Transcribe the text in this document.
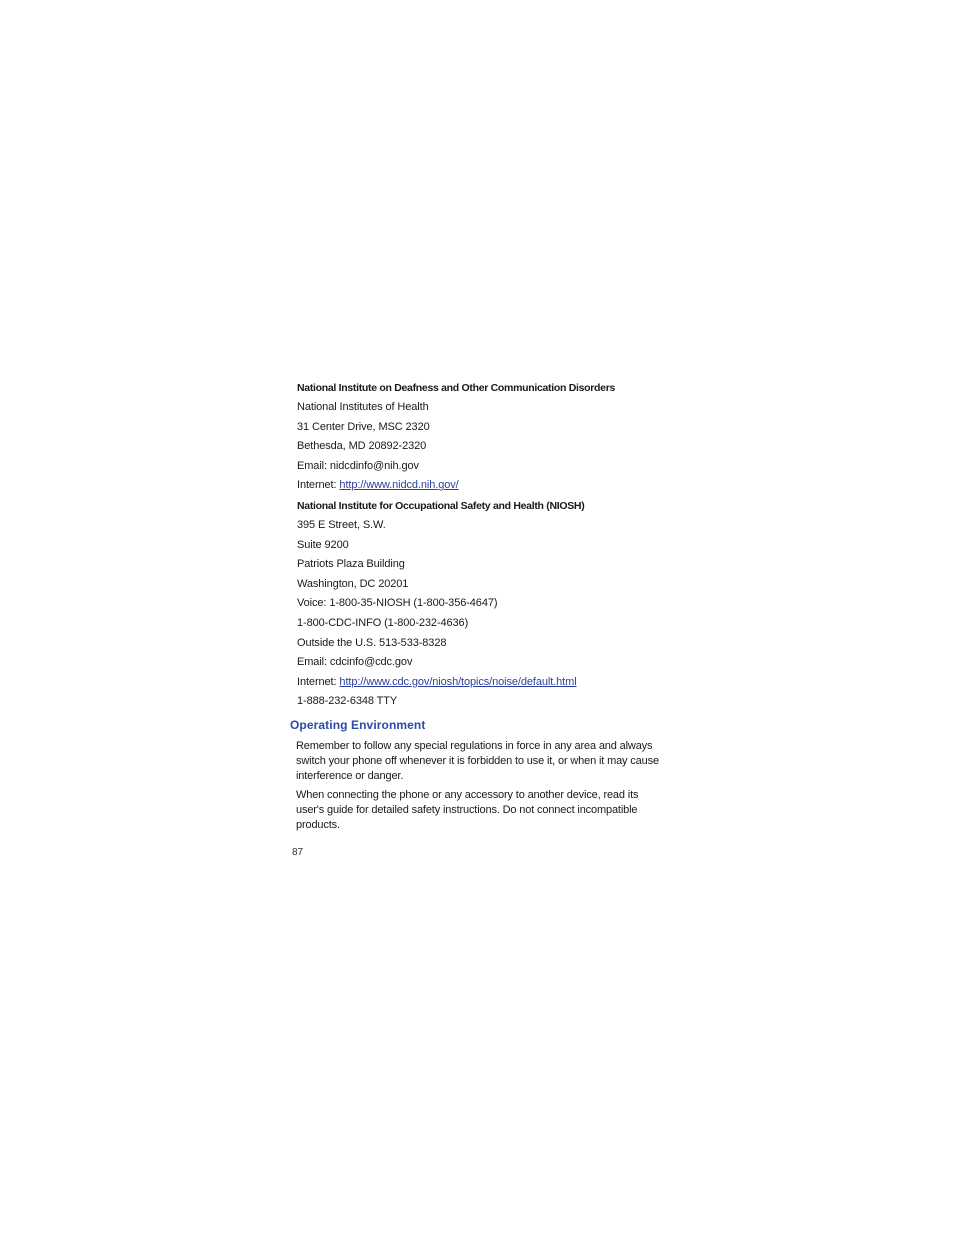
National Institute on Deafness and Other Communication Disorders
National Institutes of Health
31 Center Drive, MSC 2320
Bethesda, MD 20892-2320
Email: nidcdinfo@nih.gov
Internet: http://www.nidcd.nih.gov/
National Institute for Occupational Safety and Health (NIOSH)
395 E Street, S.W.
Suite 9200
Patriots Plaza Building
Washington, DC 20201
Voice: 1-800-35-NIOSH (1-800-356-4647)
1-800-CDC-INFO (1-800-232-4636)
Outside the U.S. 513-533-8328
Email: cdcinfo@cdc.gov
Internet: http://www.cdc.gov/niosh/topics/noise/default.html
1-888-232-6348 TTY
Operating Environment
Remember to follow any special regulations in force in any area and always switch your phone off whenever it is forbidden to use it, or when it may cause interference or danger.
When connecting the phone or any accessory to another device, read its user's guide for detailed safety instructions. Do not connect incompatible products.
87
